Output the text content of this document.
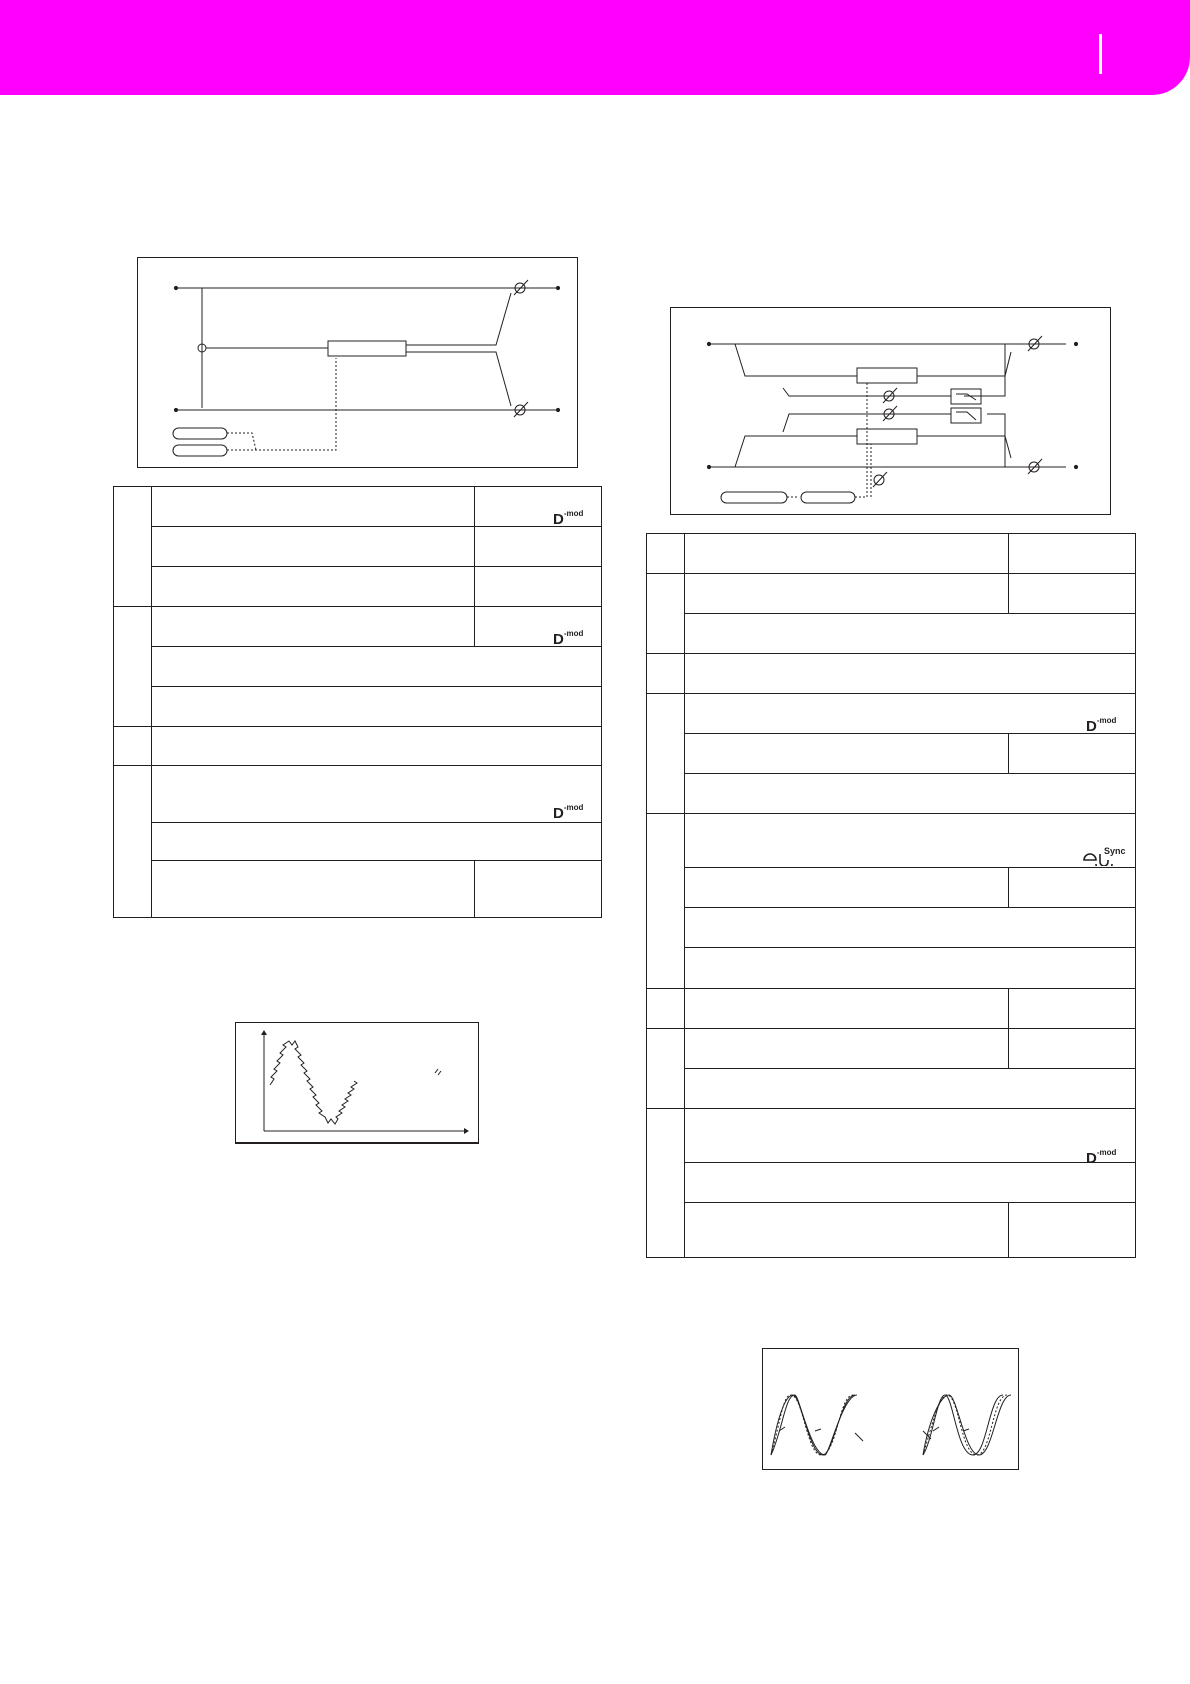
$D^{-mod}$
$D^{-mod}$
$D^{-mod}$
$D^{-mod}$
Sync
$D^{-mod}$
